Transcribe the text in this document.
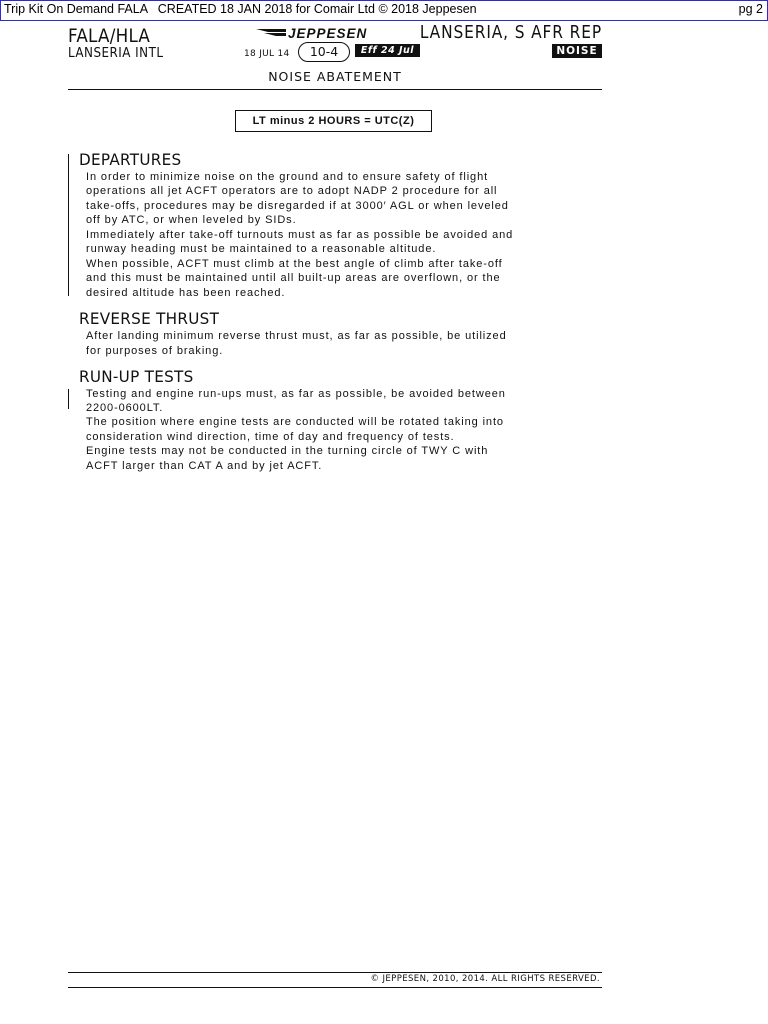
Trip Kit On Demand FALA   CREATED 18 JAN 2018 for Comair Ltd © 2018 Jeppesen	pg 2
FALA/HLA
LANSERIA INTL
JEPPESEN
18 JUL 14	10-4	Eff 24 Jul
LANSERIA, S AFR REP
NOISE
NOISE ABATEMENT
LT minus 2 HOURS = UTC(Z)
DEPARTURES
In order to minimize noise on the ground and to ensure safety of flight
operations all jet ACFT operators are to adopt NADP 2 procedure for all
take-offs, procedures may be disregarded if at 3000′ AGL or when leveled
off by ATC, or when leveled by SIDs.
Immediately after take-off turnouts must as far as possible be avoided and
runway heading must be maintained to a reasonable altitude.
When possible, ACFT must climb at the best angle of climb after take-off
and this must be maintained until all built-up areas are overflown, or the
desired altitude has been reached.
REVERSE THRUST
After landing minimum reverse thrust must, as far as possible, be utilized
for purposes of braking.
RUN-UP TESTS
Testing and engine run-ups must, as far as possible, be avoided between
2200-0600LT.
The position where engine tests are conducted will be rotated taking into
consideration wind direction, time of day and frequency of tests.
Engine tests may not be conducted in the turning circle of TWY C with
ACFT larger than CAT A and by jet ACFT.
© JEPPESEN, 2010, 2014. ALL RIGHTS RESERVED.
